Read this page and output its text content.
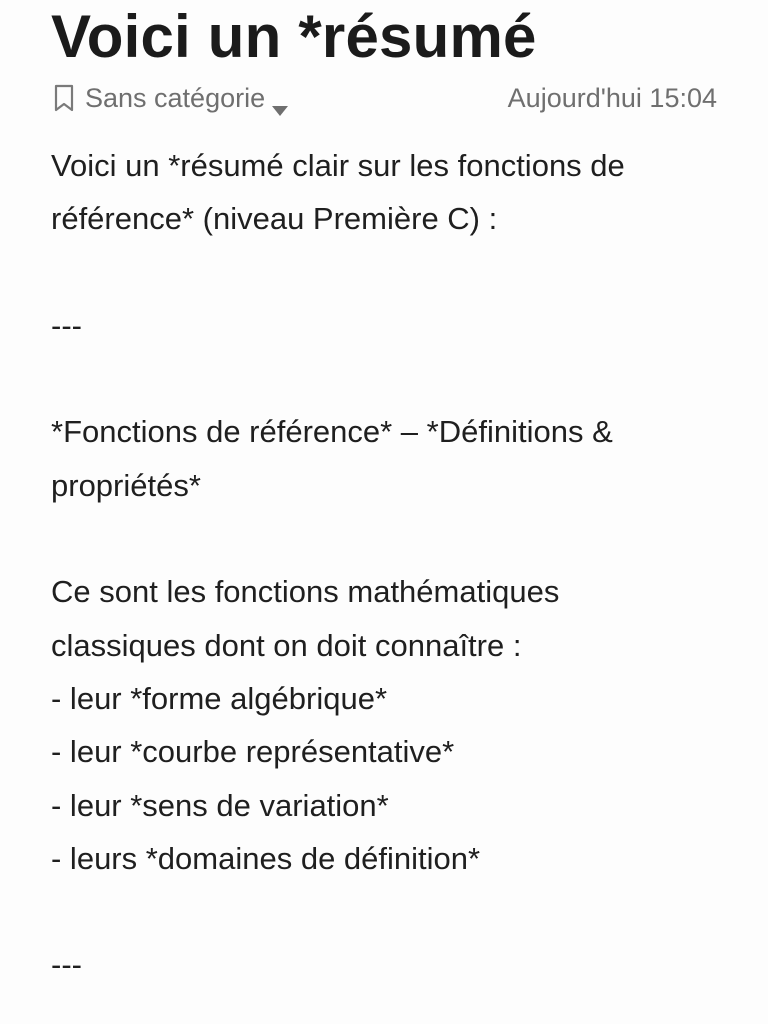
Voici un *résumé
Sans catégorie	Aujourd'hui 15:04
Voici un *résumé clair sur les fonctions de
référence* (niveau Première C) :
---
*Fonctions de référence* – *Définitions &
propriétés*
Ce sont les fonctions mathématiques
classiques dont on doit connaître :
- leur *forme algébrique*
- leur *courbe représentative*
- leur *sens de variation*
- leurs *domaines de définition*
---
